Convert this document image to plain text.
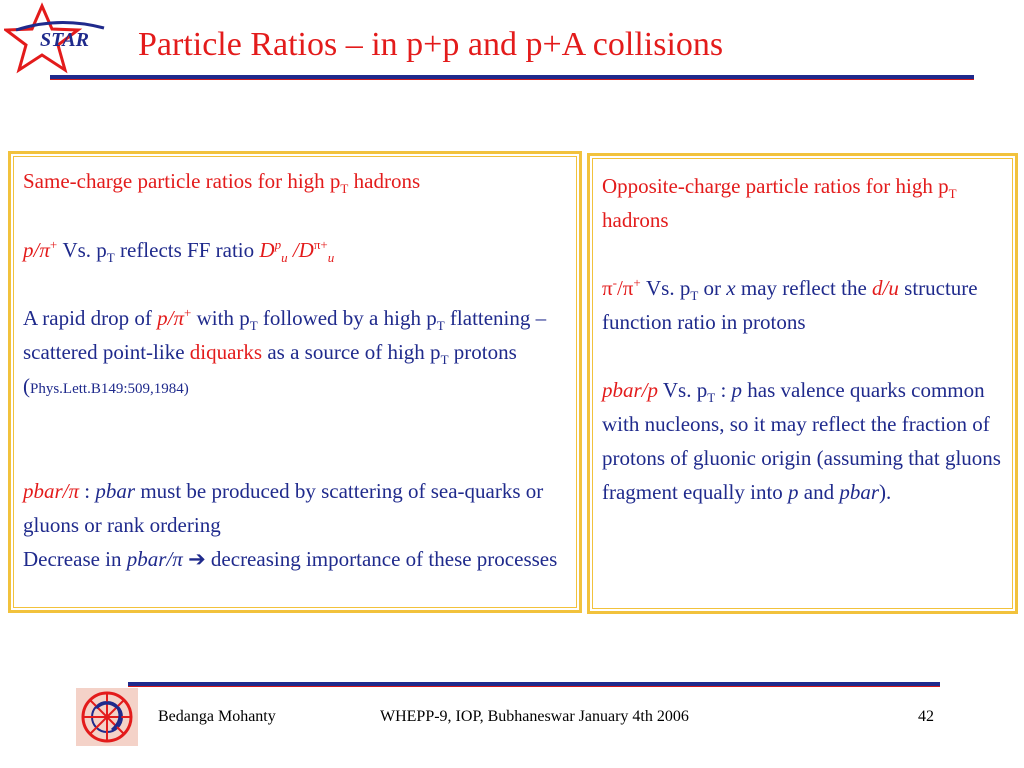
STAR Particle Ratios – in p+p and p+A collisions

Same-charge particle ratios for high $p_T$ hadrons

p/π+ Vs. $p_T$ reflects FF ratio $D^p_u$ $/D^{\pi+}_u$

A rapid drop of p/π+ with $p_T$ followed by a high $p_T$ flattening – scattered point-like diquarks as a source of high $p_T$ protons (Phys.Lett.B149:509,1984)

pbar/π : pbar must be produced by scattering of sea-quarks or gluons or rank ordering
Decrease in pbar/π ➔ decreasing importance of these processes

Opposite-charge particle ratios for high $p_T$ hadrons

π-/π+ Vs. $p_T$ or x may reflect the d/u structure function ratio in protons

pbar/p Vs. $p_T$ : p has valence quarks common with nucleons, so it may reflect the fraction of protons of gluonic origin (assuming that gluons fragment equally into p and pbar).

Bedanga Mohanty	WHEPP-9, IOP, Bubhaneswar January 4th 2006	42
